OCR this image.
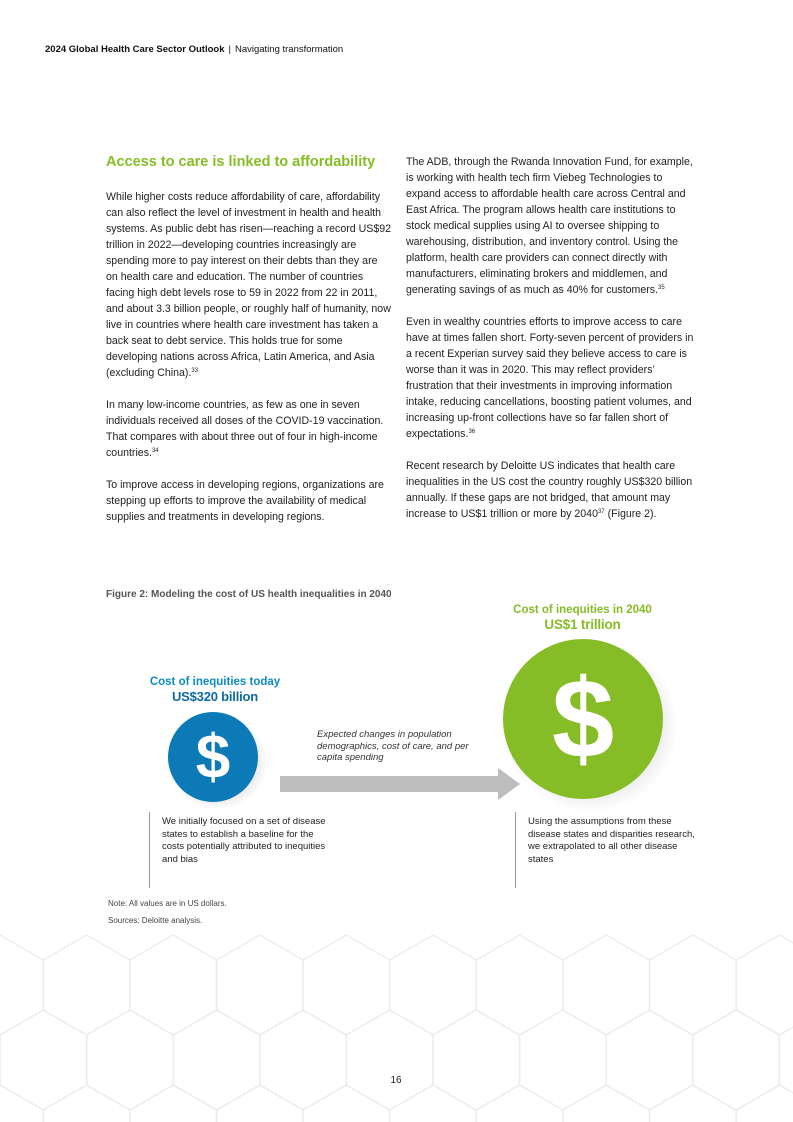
2024 Global Health Care Sector Outlook | Navigating transformation
Access to care is linked to affordability

While higher costs reduce affordability of care, affordability can also reflect the level of investment in health and health systems. As public debt has risen—reaching a record US$92 trillion in 2022—developing countries increasingly are spending more to pay interest on their debts than they are on health care and education. The number of countries facing high debt levels rose to 59 in 2022 from 22 in 2011, and about 3.3 billion people, or roughly half of humanity, now live in countries where health care investment has taken a back seat to debt service. This holds true for some developing nations across Africa, Latin America, and Asia (excluding China).$^{33}$

In many low-income countries, as few as one in seven individuals received all doses of the COVID-19 vaccination. That compares with about three out of four in high-income countries.$^{34}$

To improve access in developing regions, organizations are stepping up efforts to improve the availability of medical supplies and treatments in developing regions.

The ADB, through the Rwanda Innovation Fund, for example, is working with health tech firm Viebeg Technologies to expand access to affordable health care across Central and East Africa. The program allows health care institutions to stock medical supplies using AI to oversee shipping to warehousing, distribution, and inventory control. Using the platform, health care providers can connect directly with manufacturers, eliminating brokers and middlemen, and generating savings of as much as 40% for customers.$^{35}$

Even in wealthy countries efforts to improve access to care have at times fallen short. Forty-seven percent of providers in a recent Experian survey said they believe access to care is worse than it was in 2020. This may reflect providers’ frustration that their investments in improving information intake, reducing cancellations, boosting patient volumes, and increasing up-front collections have so far fallen short of expectations.$^{36}$

Recent research by Deloitte US indicates that health care inequalities in the US cost the country roughly US$320 billion annually. If these gaps are not bridged, that amount may increase to US$1 trillion or more by 2040$^{37}$ (Figure 2).

Figure 2: Modeling the cost of US health inequalities in 2040
Cost of inequities today
US$320 billion
Cost of inequities in 2040
US$1 trillion
$	$
Expected changes in population demographics, cost of care, and per capita spending
We initially focused on a set of disease states to establish a baseline for the costs potentially attributed to inequities and bias
Using the assumptions from these disease states and disparities research, we extrapolated to all other disease states
Note: All values are in US dollars.
Sources: Deloitte analysis.
16
